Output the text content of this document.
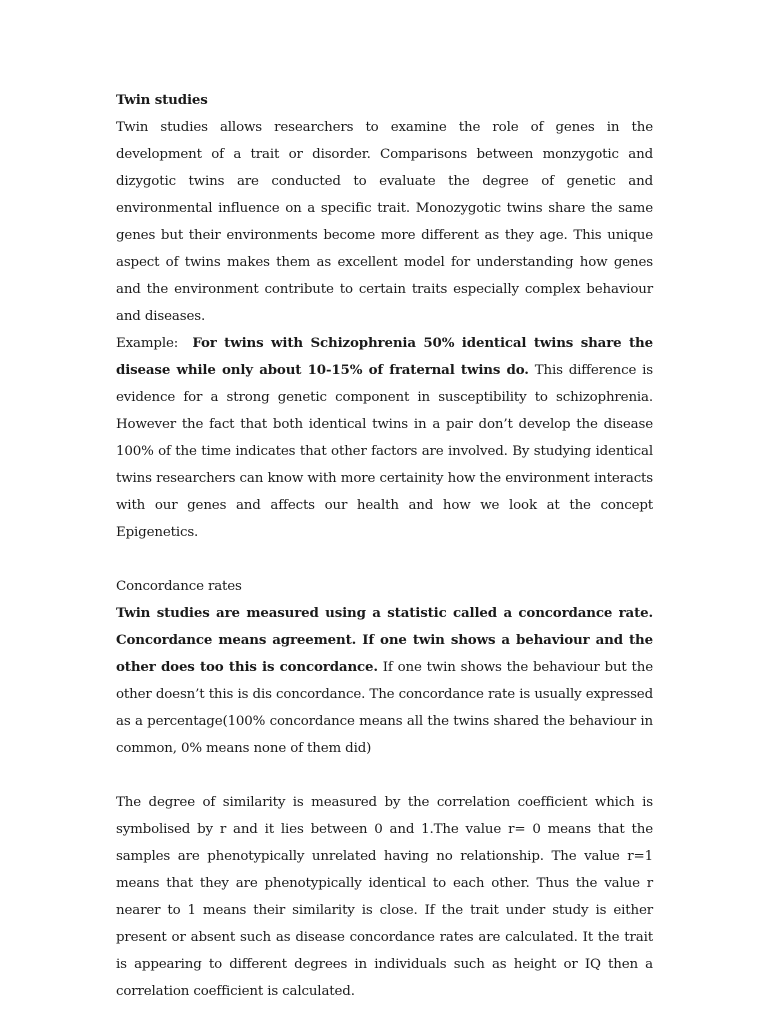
Twin studies

Twin studies allows researchers to examine the role of genes in the development of a trait or disorder. Comparisons between monzygotic and dizygotic twins are conducted to evaluate the degree of genetic and environmental influence on a specific trait. Monozygotic twins share the same genes but their environments become more different as they age. This unique aspect of twins makes them as excellent model for understanding how genes and the environment contribute to certain traits especially complex behaviour and diseases.

Example: For twins with Schizophrenia 50% identical twins share the disease while only about 10-15% of fraternal twins do. This difference is evidence for a strong genetic component in susceptibility to schizophrenia. However the fact that both identical twins in a pair don’t develop the disease 100% of the time indicates that other factors are involved. By studying identical twins researchers can know with more certainity how the environment interacts with our genes and affects our health and how we look at the concept Epigenetics.

Concordance rates

Twin studies are measured using a statistic called a concordance rate. Concordance means agreement. If one twin shows a behaviour and the other does too this is concordance. If one twin shows the behaviour but the other doesn’t this is dis concordance. The concordance rate is usually expressed as a percentage(100% concordance means all the twins shared the behaviour in common, 0% means none of them did)

The degree of similarity is measured by the correlation coefficient which is symbolised by r and it lies between 0 and 1.The value r= 0 means that the samples are phenotypically unrelated having no relationship. The value r=1 means that they are phenotypically identical to each other. Thus the value r nearer to 1 means their similarity is close. If the trait under study is either present or absent such as disease concordance rates are calculated. It the trait is appearing to different degrees in individuals such as height or IQ then a correlation coefficient is calculated.
